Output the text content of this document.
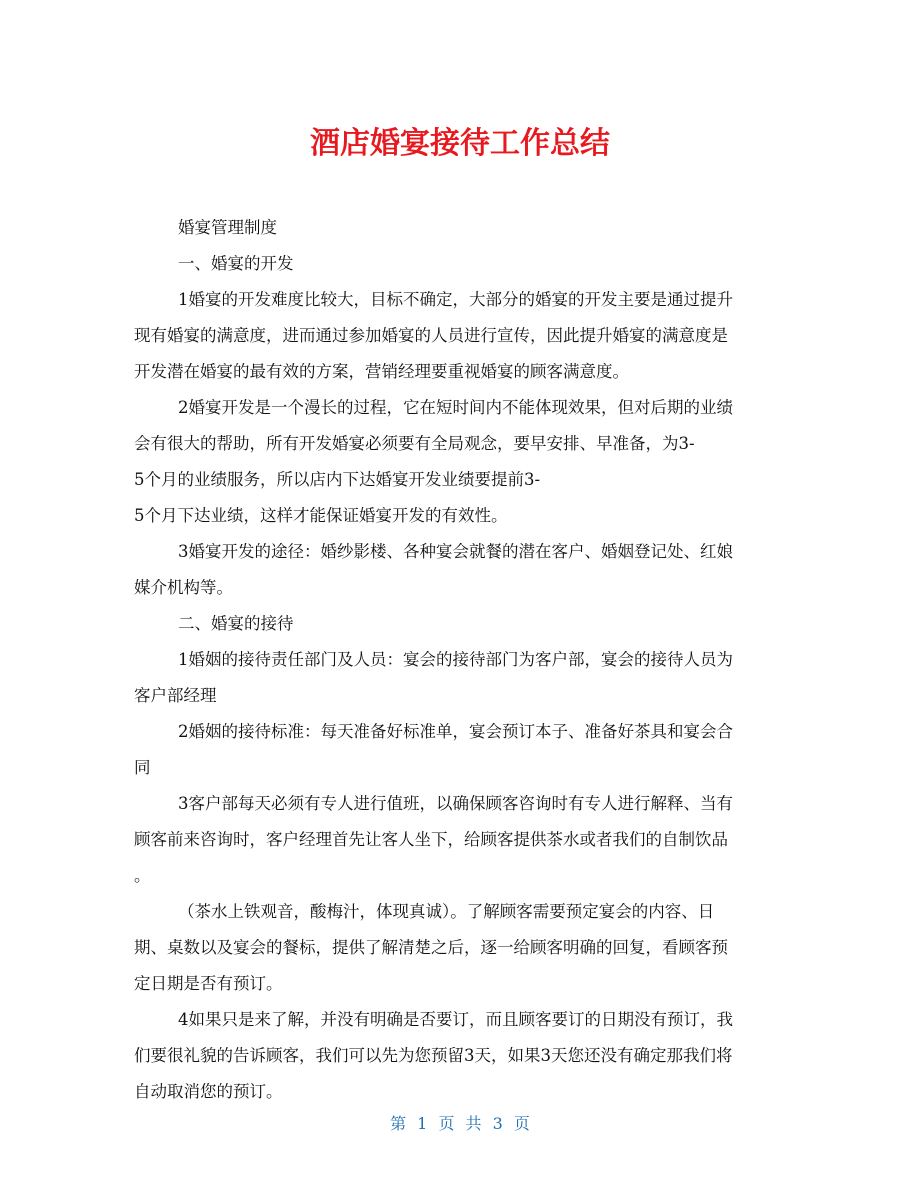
酒店婚宴接待工作总结

婚宴管理制度

一、婚宴的开发

1婚宴的开发难度比较大，目标不确定，大部分的婚宴的开发主要是通过提升

现有婚宴的满意度，进而通过参加婚宴的人员进行宣传，因此提升婚宴的满意度是

开发潜在婚宴的最有效的方案，营销经理要重视婚宴的顾客满意度。

2婚宴开发是一个漫长的过程，它在短时间内不能体现效果，但对后期的业绩

会有很大的帮助，所有开发婚宴必须要有全局观念，要早安排、早准备，为3-

5个月的业绩服务，所以店内下达婚宴开发业绩要提前3-

5个月下达业绩，这样才能保证婚宴开发的有效性。

3婚宴开发的途径：婚纱影楼、各种宴会就餐的潜在客户、婚姻登记处、红娘

媒介机构等。

二、婚宴的接待

1婚姻的接待责任部门及人员：宴会的接待部门为客户部，宴会的接待人员为

客户部经理

2婚姻的接待标准：每天准备好标准单，宴会预订本子、准备好茶具和宴会合

同

3客户部每天必须有专人进行值班，以确保顾客咨询时有专人进行解释、当有

顾客前来咨询时，客户经理首先让客人坐下，给顾客提供茶水或者我们的自制饮品

。

（茶水上铁观音，酸梅汁，体现真诚）。了解顾客需要预定宴会的内容、日

期、桌数以及宴会的餐标，提供了解清楚之后，逐一给顾客明确的回复，看顾客预

定日期是否有预订。

4如果只是来了解，并没有明确是否要订，而且顾客要订的日期没有预订，我

们要很礼貌的告诉顾客，我们可以先为您预留3天，如果3天您还没有确定那我们将

自动取消您的预订。

第 1 页 共 3 页
